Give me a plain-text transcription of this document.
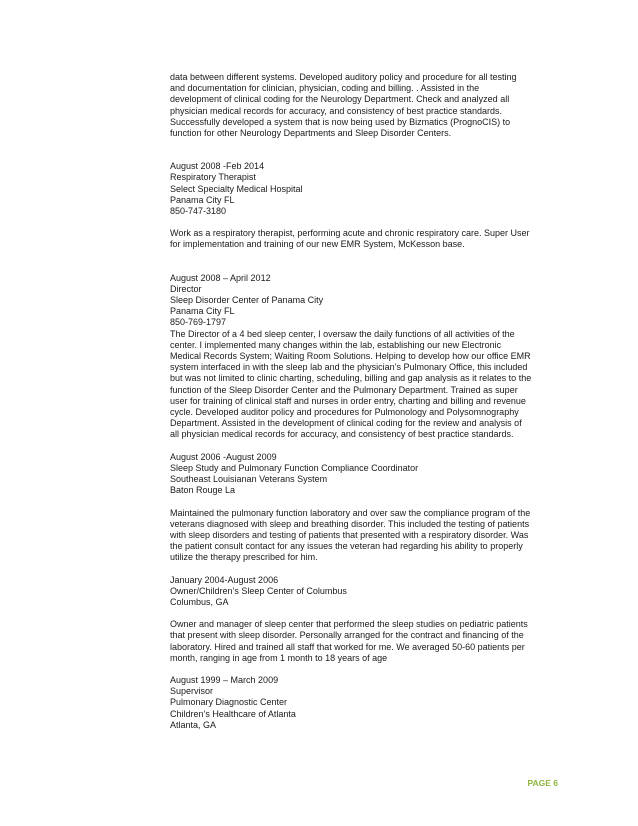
data between different systems. Developed auditory policy and procedure for all testing
and documentation for clinician, physician, coding and billing. . Assisted in the
development of clinical coding for the Neurology Department. Check and analyzed all
physician medical records for accuracy, and consistency of best practice standards.
Successfully developed a system that is now being used by Bizmatics (PrognoCIS) to
function for other Neurology Departments and Sleep Disorder Centers.

August 2008 -Feb 2014
Respiratory Therapist
Select Specialty Medical Hospital
Panama City FL
850-747-3180

Work as a respiratory therapist, performing acute and chronic respiratory care. Super User
for implementation and training of our new EMR System, McKesson base.

August 2008 – April 2012
Director
Sleep Disorder Center of Panama City
Panama City FL
850-769-1797
The Director of a 4 bed sleep center, I oversaw the daily functions of all activities of the
center. I implemented many changes within the lab, establishing our new Electronic
Medical Records System; Waiting Room Solutions. Helping to develop how our office EMR
system interfaced in with the sleep lab and the physician’s Pulmonary Office, this included
but was not limited to clinic charting, scheduling, billing and gap analysis as it relates to the
function of the Sleep Disorder Center and the Pulmonary Department. Trained as super
user for training of clinical staff and nurses in order entry, charting and billing and revenue
cycle. Developed auditor policy and procedures for Pulmonology and Polysomnography
Department. Assisted in the development of clinical coding for the review and analysis of
all physician medical records for accuracy, and consistency of best practice standards.

August 2006 -August 2009
Sleep Study and Pulmonary Function Compliance Coordinator
Southeast Louisianan Veterans System
Baton Rouge La

Maintained the pulmonary function laboratory and over saw the compliance program of the
veterans diagnosed with sleep and breathing disorder. This included the testing of patients
with sleep disorders and testing of patients that presented with a respiratory disorder. Was
the patient consult contact for any issues the veteran had regarding his ability to properly
utilize the therapy prescribed for him.

January 2004-August 2006
Owner/Children’s Sleep Center of Columbus
Columbus, GA

Owner and manager of sleep center that performed the sleep studies on pediatric patients
that present with sleep disorder. Personally arranged for the contract and financing of the
laboratory. Hired and trained all staff that worked for me. We averaged 50-60 patients per
month, ranging in age from 1 month to 18 years of age

August 1999 – March 2009
Supervisor
Pulmonary Diagnostic Center
Children’s Healthcare of Atlanta
Atlanta, GA

PAGE 6
